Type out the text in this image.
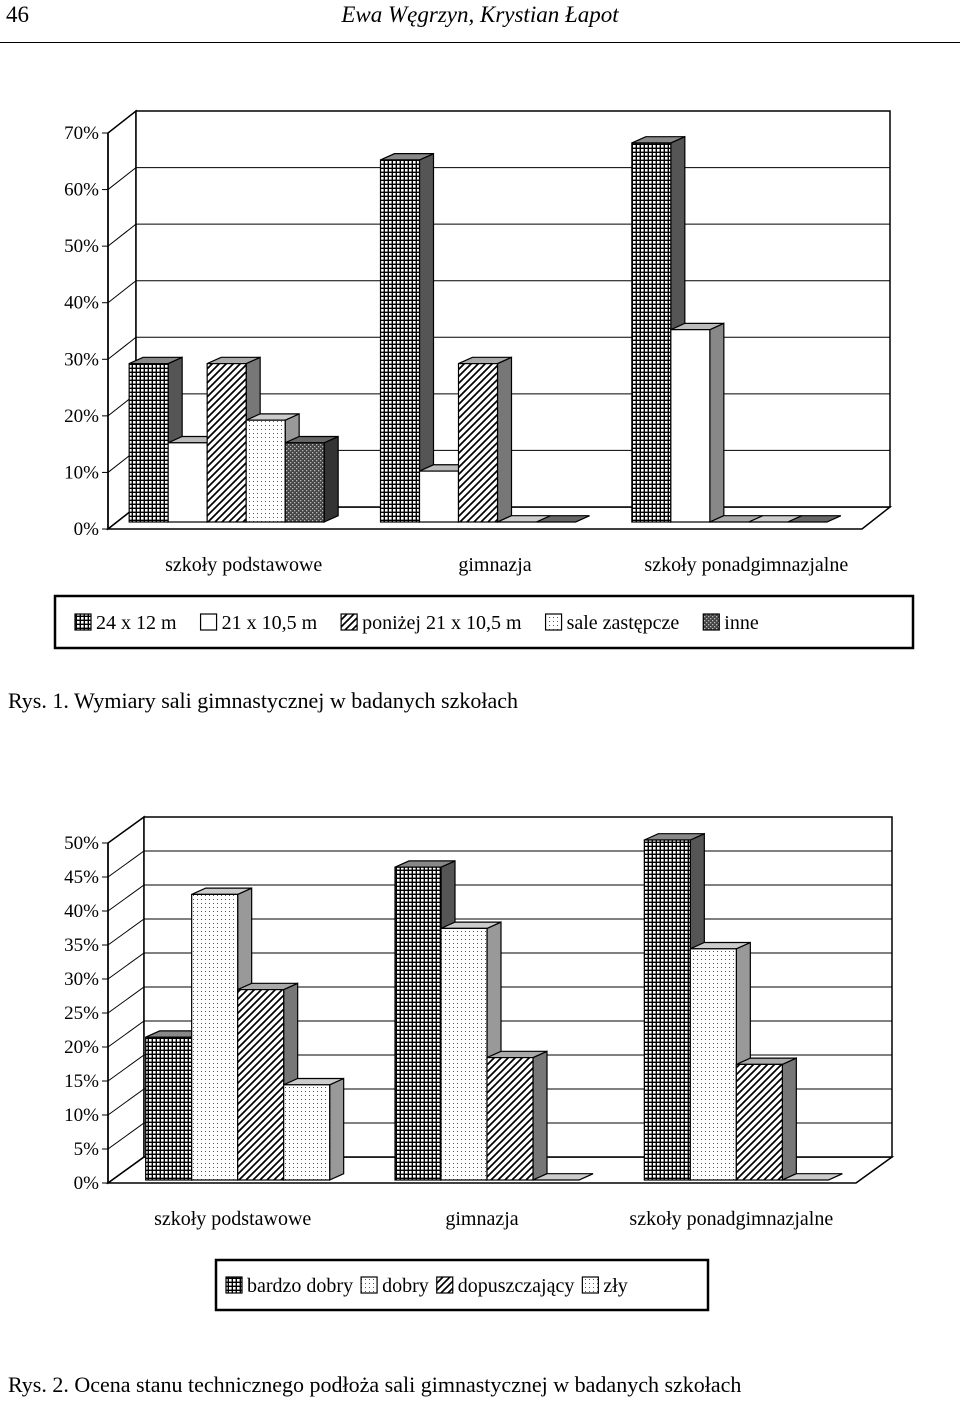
46	Ewa Węgrzyn, Krystian Łapot
0%
10%
20%
30%
40%
50%
60%
70%
szkoły podstawowe	gimnazja	szkoły ponadgimnazjalne
24 x 12 m 21 x 10,5 m poniżej 21 x 10,5 m sale zastępcze inne
Rys. 1. Wymiary sali gimnastycznej w badanych szkołach
0%
5%
10%
15%
20%
25%
30%
35%
40%
45%
50%
szkoły podstawowe	gimnazja	szkoły ponadgimnazjalne
bardzo dobry dobry dopuszczający zły
Rys. 2. Ocena stanu technicznego podłoża sali gimnastycznej w badanych szkołach
